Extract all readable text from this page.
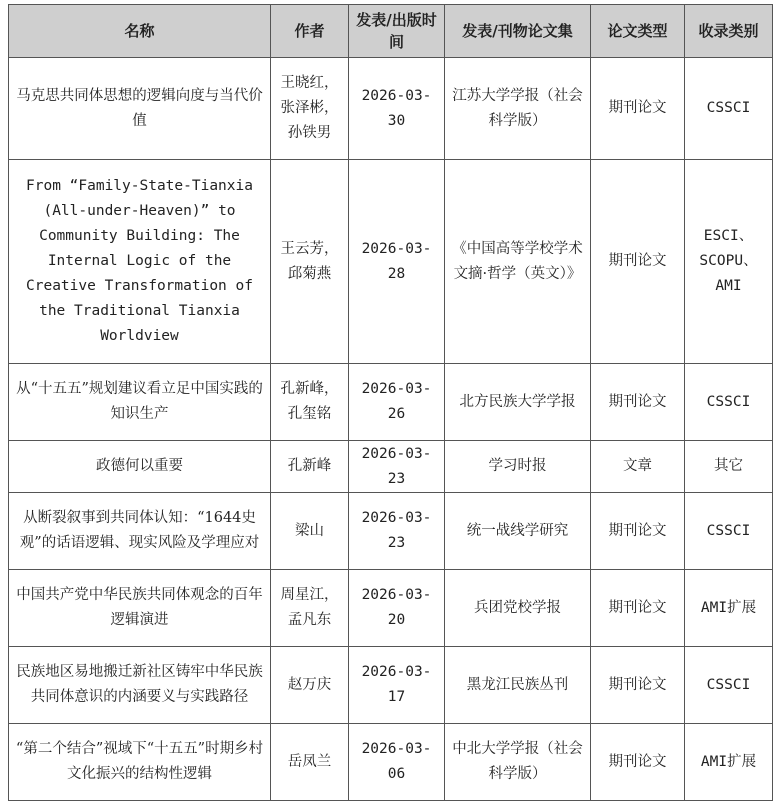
名称	作者	发表/出版时间	发表/刊物论文集	论文类型	收录类别
马克思共同体思想的逻辑向度与当代价值	王晓红，张泽彬，孙铁男	2026-03-30	江苏大学学报（社会科学版）	期刊论文	CSSCI
From “Family‑State‑Tianxia (All‑under‑Heaven)” to Community Building: The Internal Logic of the Creative Transformation of the Traditional Tianxia Worldview	王云芳，邱菊燕	2026-03-28	《中国高等学校学术文摘·哲学（英文）》	期刊论文	ESCI、SCOPU、AMI
从“十五五”规划建议看立足中国实践的知识生产	孔新峰，孔玺铭	2026-03-26	北方民族大学学报	期刊论文	CSSCI
政德何以重要	孔新峰	2026-03-23	学习时报	文章	其它
从断裂叙事到共同体认知：“1644史观”的话语逻辑、现实风险及学理应对	梁山	2026-03-23	统一战线学研究	期刊论文	CSSCI
中国共产党中华民族共同体观念的百年逻辑演进	周星江，孟凡东	2026-03-20	兵团党校学报	期刊论文	AMI扩展
民族地区易地搬迁新社区铸牢中华民族共同体意识的内涵要义与实践路径	赵万庆	2026-03-17	黑龙江民族丛刊	期刊论文	CSSCI
“第二个结合”视域下“十五五”时期乡村文化振兴的结构性逻辑	岳凤兰	2026-03-06	中北大学学报（社会科学版）	期刊论文	AMI扩展
